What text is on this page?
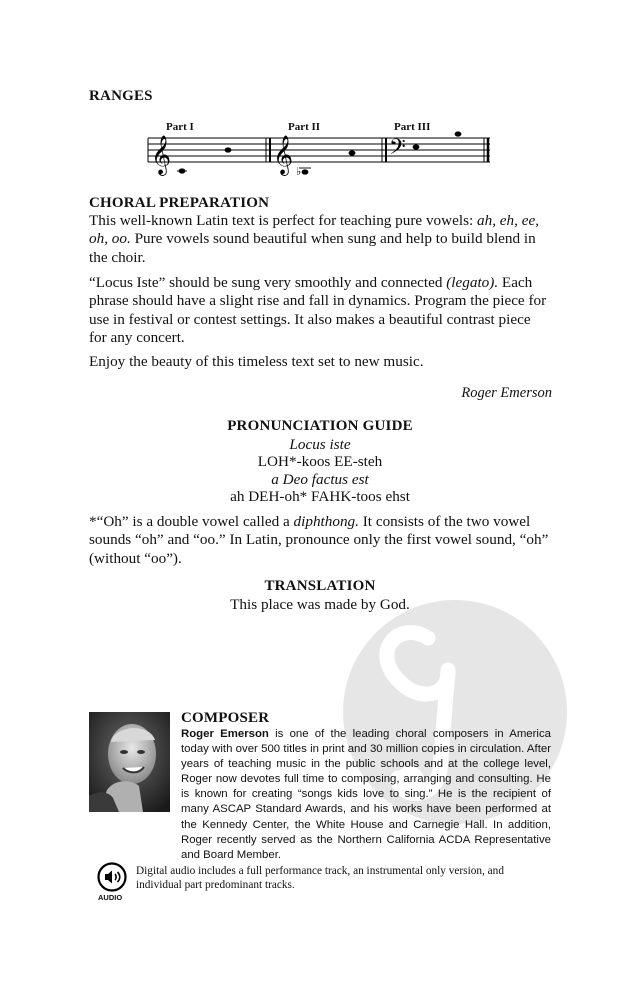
RANGES
𝄞	𝄞	𝄢
♭
Part I	Part II	Part III
CHORAL PREPARATION
This well-known Latin text is perfect for teaching pure vowels: ah, eh, ee, oh, oo. Pure vowels sound beautiful when sung and help to build blend in the choir.
“Locus Iste” should be sung very smoothly and connected (legato). Each phrase should have a slight rise and fall in dynamics. Program the piece for use in festival or contest settings. It also makes a beautiful contrast piece for any concert.
Enjoy the beauty of this timeless text set to new music.
Roger Emerson
PRONUNCIATION GUIDE
Locus iste
LOH*-koos EE-steh
a Deo factus est
ah DEH-oh* FAHK-toos ehst
*“Oh” is a double vowel called a diphthong. It consists of the two vowel sounds “oh” and “oo.” In Latin, pronounce only the first vowel sound, “oh” (without “oo”).
TRANSLATION
This place was made by God.
COMPOSER
Roger Emerson is one of the leading choral composers in America today with over 500 titles in print and 30 million copies in circulation. After years of teaching music in the public schools and at the college level, Roger now devotes full time to composing, arranging and consulting. He is known for creating “songs kids love to sing.” He is the recipient of many ASCAP Standard Awards, and his works have been performed at the Kennedy Center, the White House and Carnegie Hall. In addition, Roger recently served as the Northern California ACDA Representative and Board Member.
AUDIO
Digital audio includes a full performance track, an instrumental only version, and individual part predominant tracks.
